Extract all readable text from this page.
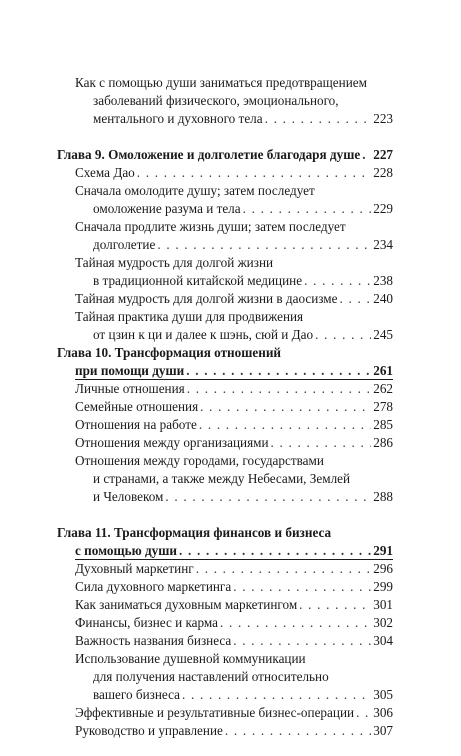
Как с помощью души заниматься предотвращением
заболеваний физического, эмоционального,
ментального и духовного тела . . .	223
Глава 9. Омоложение и долголетие благодаря душе . . . 227
Схема Дао . . .	228
Сначала омолодите душу; затем последует
омоложение разума и тела . . .	229
Сначала продлите жизнь души; затем последует
долголетие . . .	234
Тайная мудрость для долгой жизни
в традиционной китайской медицине . . .	238
Тайная мудрость для долгой жизни в даосизме . . .	240
Тайная практика души для продвижения
от цзин к ци и далее к шэнь, сюй и Дао . . .	245
Глава 10. Трансформация отношений
при помощи души . . .	261
Личные отношения . . .	262
Семейные отношения . . .	278
Отношения на работе . . .	285
Отношения между организациями . . .	286
Отношения между городами, государствами
и странами, а также между Небесами, Землей
и Человеком . . .	288
Глава 11. Трансформация финансов и бизнеса
с помощью души . . .	291
Духовный маркетинг . . .	296
Сила духовного маркетинга . . .	299
Как заниматься духовным маркетингом . . .	301
Финансы, бизнес и карма . . .	302
Важность названия бизнеса . . .	304
Использование душевной коммуникации
для получения наставлений относительно
вашего бизнеса . . .	305
Эффективные и результативные бизнес-операции . . . 306
Руководство и управление . . .	307
